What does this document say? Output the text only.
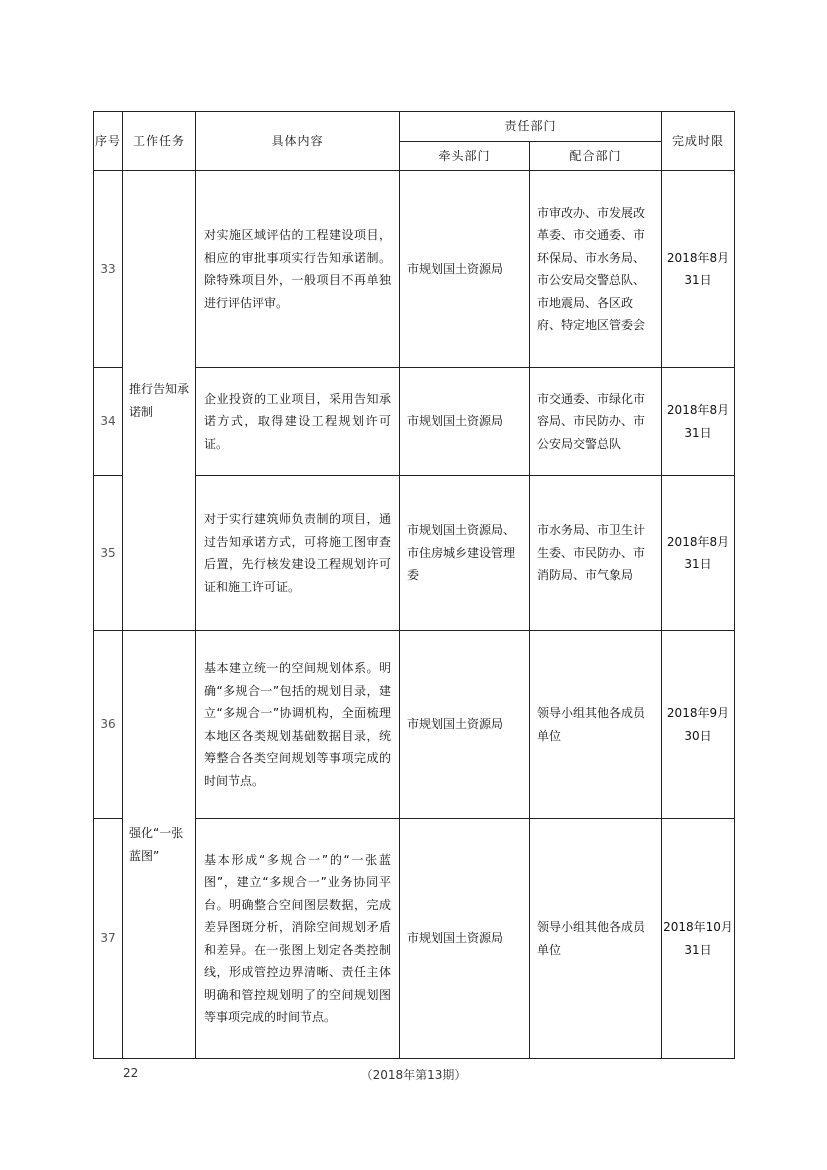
序号	工作任务	具体内容	责任部门		完成时限
			牵头部门	配合部门	
33	推行告知承诺制	对实施区域评估的工程建设项目，相应的审批事项实行告知承诺制。除特殊项目外，一般项目不再单独进行评估评审。	市规划国土资源局	市审改办、市发展改革委、市交通委、市环保局、市水务局、市公安局交警总队、市地震局、各区政府、特定地区管委会	2018年8月31日
34		企业投资的工业项目，采用告知承诺方式，取得建设工程规划许可证。	市规划国土资源局	市交通委、市绿化市容局、市民防办、市公安局交警总队	2018年8月31日
35		对于实行建筑师负责制的项目，通过告知承诺方式，可将施工图审查后置，先行核发建设工程规划许可证和施工许可证。	市规划国土资源局、市住房城乡建设管理委	市水务局、市卫生计生委、市民防办、市消防局、市气象局	2018年8月31日
36	强化“一张蓝图”	基本建立统一的空间规划体系。明确“多规合一”包括的规划目录，建立“多规合一”协调机构，全面梳理本地区各类规划基础数据目录，统筹整合各类空间规划等事项完成的时间节点。	市规划国土资源局	领导小组其他各成员单位	2018年9月30日
37		基本形成“多规合一”的“一张蓝图”，建立“多规合一”业务协同平台。明确整合空间图层数据，完成差异图斑分析，消除空间规划矛盾和差异。在一张图上划定各类控制线，形成管控边界清晰、责任主体明确和管控规划明了的空间规划图等事项完成的时间节点。	市规划国土资源局	领导小组其他各成员单位	2018年10月31日
（2018年第13期）
22
